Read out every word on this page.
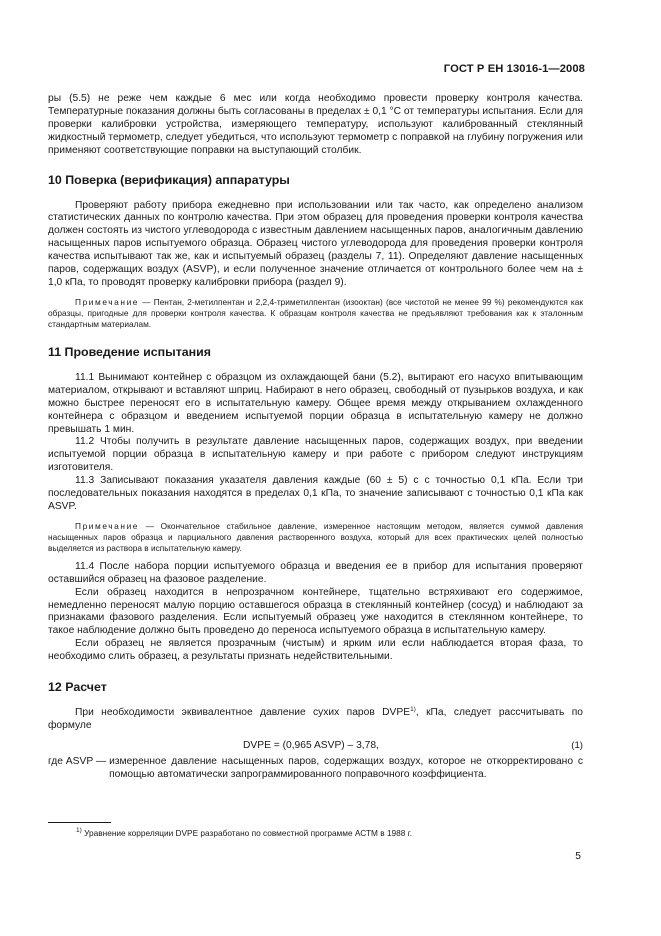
ГОСТ Р ЕН 13016-1—2008

ры (5.5) не реже чем каждые 6 мес или когда необходимо провести проверку контроля качества. Температурные показания должны быть согласованы в пределах ± 0,1 °С от температуры испытания. Если для проверки калибровки устройства, измеряющего температуру, используют калиброванный стеклянный жидкостный термометр, следует убедиться, что используют термометр с поправкой на глубину погружения или применяют соответствующие поправки на выступающий столбик.

10 Поверка (верификация) аппаратуры

Проверяют работу прибора ежедневно при использовании или так часто, как определено анализом статистических данных по контролю качества. При этом образец для проведения проверки контроля качества должен состоять из чистого углеводорода с известным давлением насыщенных паров, аналогичным давлению насыщенных паров испытуемого образца. Образец чистого углеводорода для проведения проверки контроля качества испытывают так же, как и испытуемый образец (разделы 7, 11). Определяют давление насыщенных паров, содержащих воздух (ASVP), и если полученное значение отличается от контрольного более чем на ± 1,0 кПа, то проводят проверку калибровки прибора (раздел 9).

Примечание — Пентан, 2-метилпентан и 2,2,4-триметилпентан (изооктан) (все чистотой не менее 99 %) рекомендуются как образцы, пригодные для проверки контроля качества. К образцам контроля качества не предъявляют требования как к эталонным стандартным материалам.

11 Проведение испытания

11.1 Вынимают контейнер с образцом из охлаждающей бани (5.2), вытирают его насухо впитывающим материалом, открывают и вставляют шприц. Набирают в него образец, свободный от пузырьков воздуха, и как можно быстрее переносят его в испытательную камеру. Общее время между открыванием охлажденного контейнера с образцом и введением испытуемой порции образца в испытательную камеру не должно превышать 1 мин.

11.2 Чтобы получить в результате давление насыщенных паров, содержащих воздух, при введении испытуемой порции образца в испытательную камеру и при работе с прибором следуют инструкциям изготовителя.

11.3 Записывают показания указателя давления каждые (60 ± 5) с с точностью 0,1 кПа. Если три последовательных показания находятся в пределах 0,1 кПа, то значение записывают с точностью 0,1 кПа как ASVP.

Примечание — Окончательное стабильное давление, измеренное настоящим методом, является суммой давления насыщенных паров образца и парциального давления растворенного воздуха, который для всех практических целей полностью выделяется из раствора в испытательную камеру.

11.4 После набора порции испытуемого образца и введения ее в прибор для испытания проверяют оставшийся образец на фазовое разделение.

Если образец находится в непрозрачном контейнере, тщательно встряхивают его содержимое, немедленно переносят малую порцию оставшегося образца в стеклянный контейнер (сосуд) и наблюдают за признаками фазового разделения. Если испытуемый образец уже находится в стеклянном контейнере, то такое наблюдение должно быть проведено до переноса испытуемого образца в испытательную камеру.

Если образец не является прозрачным (чистым) и ярким или если наблюдается вторая фаза, то необходимо слить образец, а результаты признать недействительными.

12 Расчет

При необходимости эквивалентное давление сухих паров DVPE$^{1)}$, кПа, следует рассчитывать по формуле

DVPE = (0,965 ASVP) – 3,78,	(1)
где ASVP — измеренное давление насыщенных паров, содержащих воздух, которое не откорректировано с помощью автоматически запрограммированного поправочного коэффициента.
$^{1)}$ Уравнение корреляции DVPE разработано по совместной программе АСТМ в 1988 г.
5
